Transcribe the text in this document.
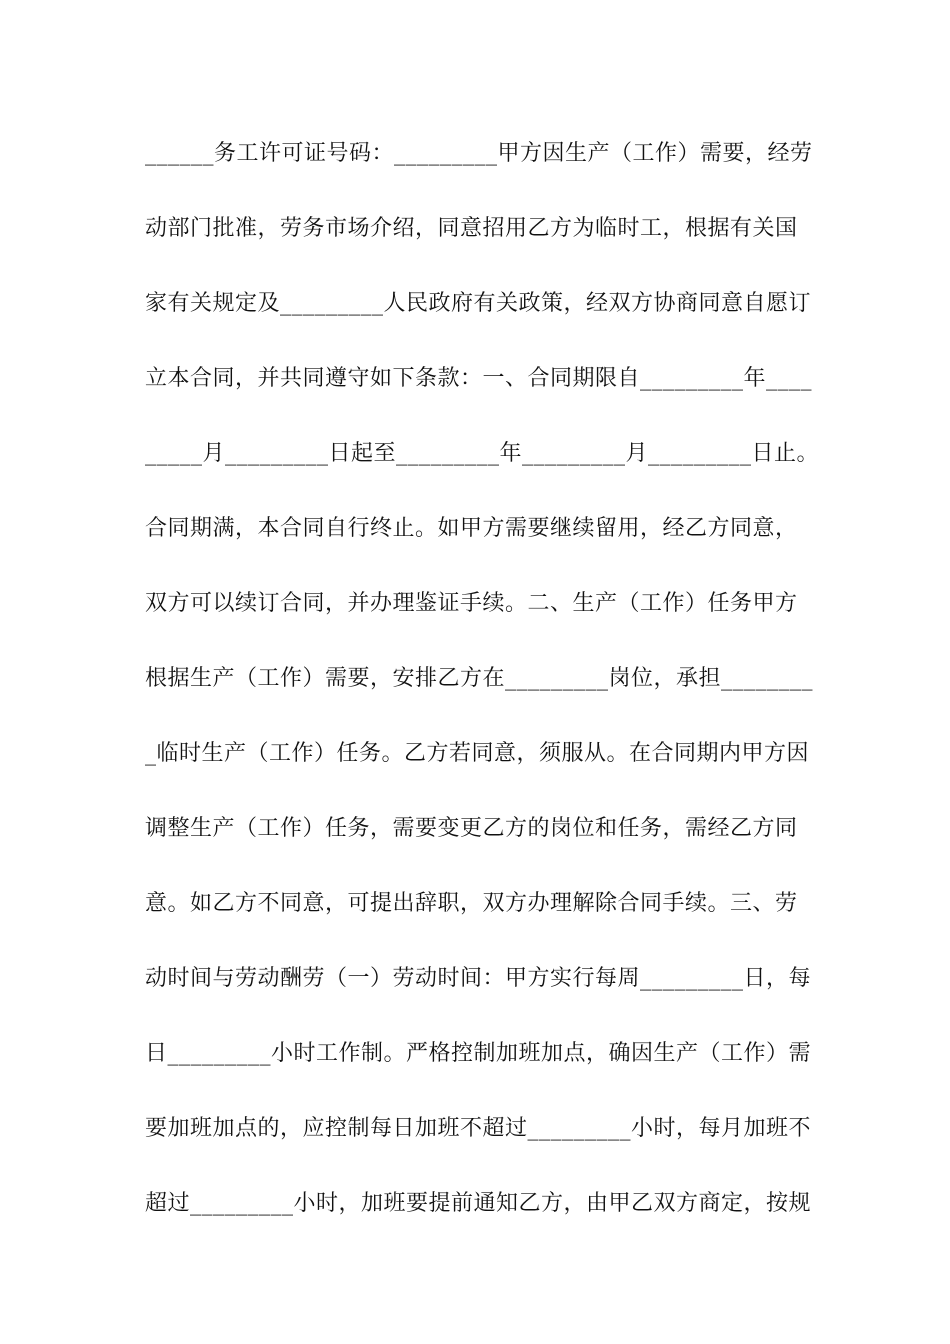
______务工许可证号码：_________甲方因生产（工作）需要，经劳
动部门批准，劳务市场介绍，同意招用乙方为临时工，根据有关国
家有关规定及_________人民政府有关政策，经双方协商同意自愿订
立本合同，并共同遵守如下条款：一、合同期限自_________年____
_____月_________日起至_________年_________月_________日止。
合同期满，本合同自行终止。如甲方需要继续留用，经乙方同意，
双方可以续订合同，并办理鉴证手续。二、生产（工作）任务甲方
根据生产（工作）需要，安排乙方在_________岗位，承担________
_临时生产（工作）任务。乙方若同意，须服从。在合同期内甲方因
调整生产（工作）任务，需要变更乙方的岗位和任务，需经乙方同
意。如乙方不同意，可提出辞职，双方办理解除合同手续。三、劳
动时间与劳动酬劳（一）劳动时间：甲方实行每周_________日，每
日_________小时工作制。严格控制加班加点，确因生产（工作）需
要加班加点的，应控制每日加班不超过_________小时，每月加班不
超过_________小时，加班要提前通知乙方，由甲乙双方商定，按规
